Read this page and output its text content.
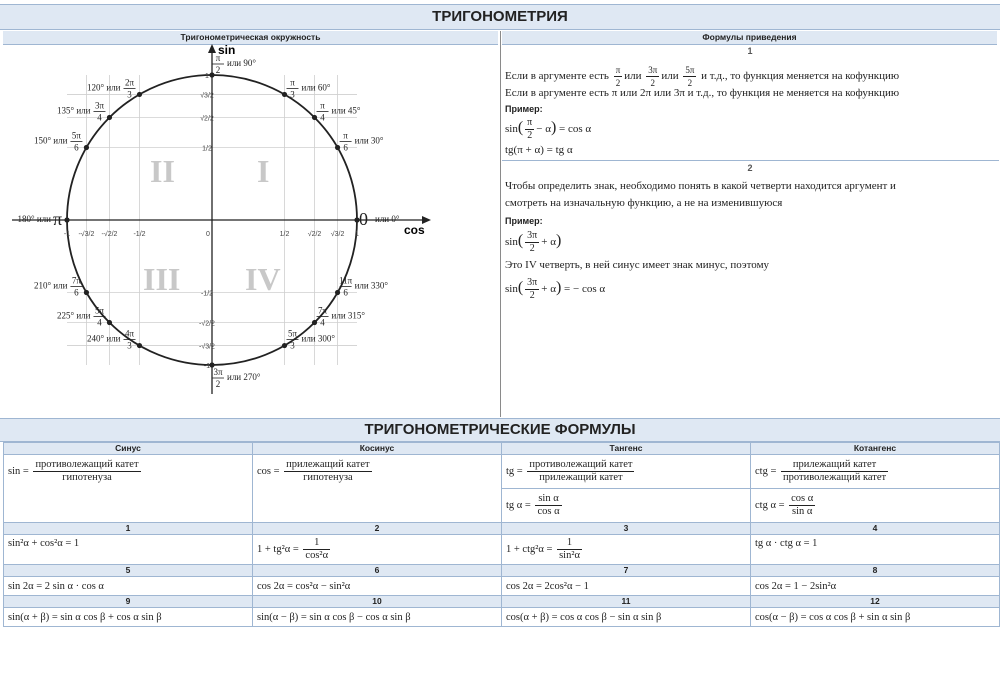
ТРИГОНОМЕТРИЯ
Тригонометрическая окружность	Формулы приведения
sin
cos
II	I
III IV
-1 -√3/2 -√2/2 -1/2	0	1/2	√2/2 √3/2 1
1
√3/2
√2/2
1/2
-1/2
-√2/2
-√3/2
-1
π
2
или 90°
π
3
или 60°
π
4
или 45°
π
6
или 30°
0 или 0°
11π
6
или 330°
7π
4
или 315°
5π
3
или 300°
3π
2
или 270°
4π
3
240° или
5π
4
225° или
7π
6
210° или
π
180° или
5π
6
150° или
3π
4
135° или
2π
3
120° или
1
Если в аргументе есть $\frac{\pi}{2}$ или $\frac{3\pi}{2}$ или $\frac{5\pi}{2}$ и т.д., то функция меняется на кофункцию
Если в аргументе есть π или 2π или 3π и т.д., то функция не меняется на кофункцию
Пример:
$\sin( \frac{\pi}{2} - \alpha) = \cos \alpha$
tg(π + α) = tg α
2
Чтобы определить знак, необходимо понять в какой четверти находится аргумент и
смотреть на изначальную функцию, а не на изменившуюся
Пример:
$\sin( \frac{3\pi}{2} + \alpha)$
Это IV четверть, в ней синус имеет знак минус, поэтому
$\sin( \frac{3\pi}{2} + \alpha)$ = − cos α
ТРИГОНОМЕТРИЧЕСКИЕ ФОРМУЛЫ
Синус	Косинус	Тангенс	Котангенс
$\sin = \frac{\text{противолежащий катет}}{\text{гипотенуза}}$	$\cos = \frac{\text{прилежащий катет}}{\text{гипотенуза}}$	tg = $\frac{\text{противолежащий катет}}{\text{прилежащий катет}}$	ctg = $\frac{\text{прилежащий катет}}{\text{противолежащий катет}}$

		tg $\alpha = \frac{\text{sin α}}{\text{cos α}}$	ctg $\alpha = \frac{\text{cos α}}{\text{sin α}}$

1	2	3	4
sin²α + cos²α = 1	$1 + tg^2\alpha = \frac{1}{\text{cos²α}}$	$1 + ctg^2\alpha = \frac{1}{\text{sin²α}}$	tg α · ctg α = 1
5	6	7	8
sin 2α = 2 sin α · cos α	cos 2α = cos²α − sin²α	cos 2α = 2cos²α − 1	cos 2α = 1 − 2sin²α
9	10	11	12
sin(α + β) = sin α cos β + cos α sin β	sin(α − β) = sin α cos β − cos α sin β	cos(α + β) = cos α cos β − sin α sin β	cos(α − β) = cos α cos β + sin α sin β
